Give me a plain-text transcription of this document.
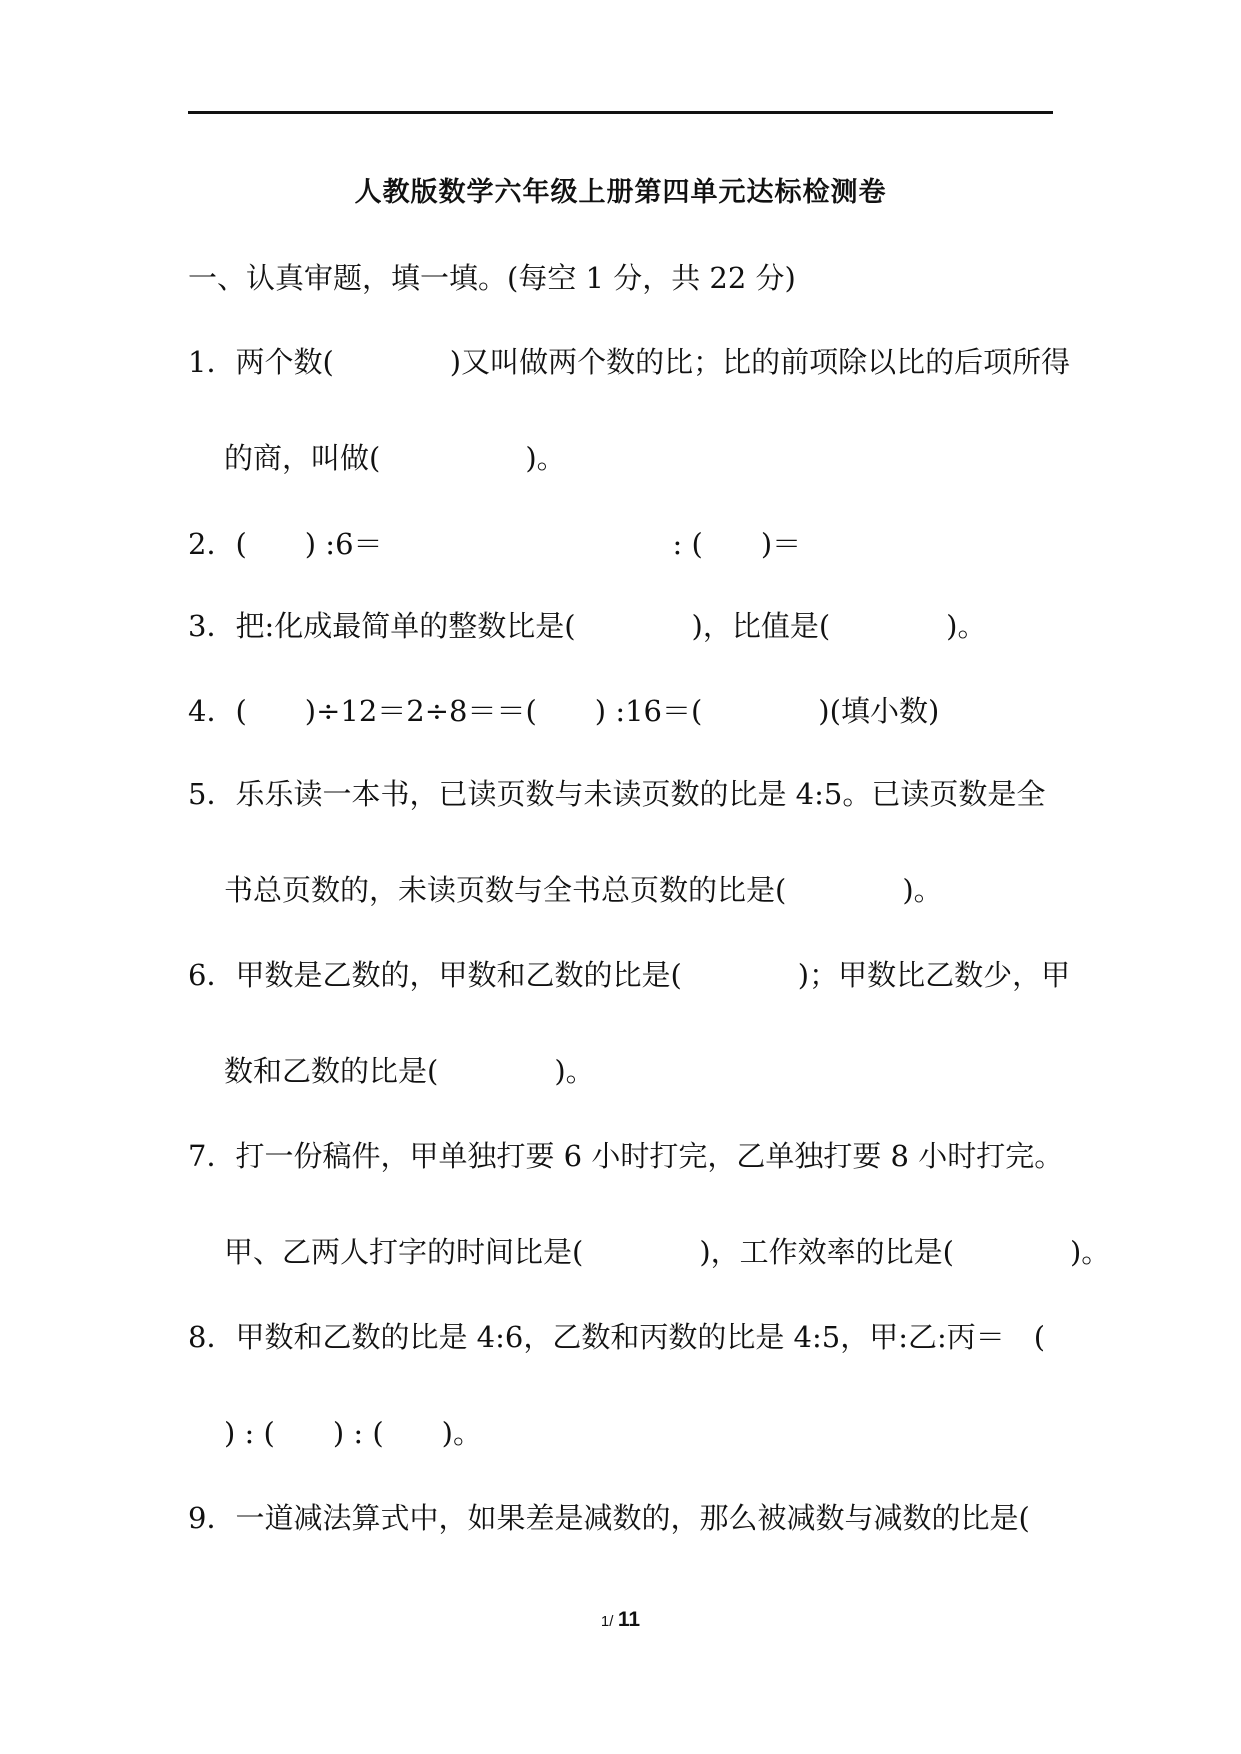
人教版数学六年级上册第四单元达标检测卷
一、认真审题，填一填。(每空 1 分，共 22 分)
1．两个数(　　　　)又叫做两个数的比；比的前项除以比的后项所得
的商，叫做(　　　　　)。
2．(　　) :6＝　　　　　　　　　　: (　　)＝
3．把:化成最简单的整数比是(　　　　)，比值是(　　　　)。
4．(　　)÷12＝2÷8＝＝(　　) :16＝(　　　　)(填小数)
5．乐乐读一本书，已读页数与未读页数的比是 4:5。已读页数是全
书总页数的，未读页数与全书总页数的比是(　　　　)。
6．甲数是乙数的，甲数和乙数的比是(　　　　)；甲数比乙数少，甲
数和乙数的比是(　　　　)。
7．打一份稿件，甲单独打要 6 小时打完，乙单独打要 8 小时打完。
甲、乙两人打字的时间比是(　　　　)，工作效率的比是(　　　　)。
8．甲数和乙数的比是 4:6，乙数和丙数的比是 4:5，甲:乙:丙＝　(
) : (　　) : (　　)。
9．一道减法算式中，如果差是减数的，那么被减数与减数的比是(
1/ 11
